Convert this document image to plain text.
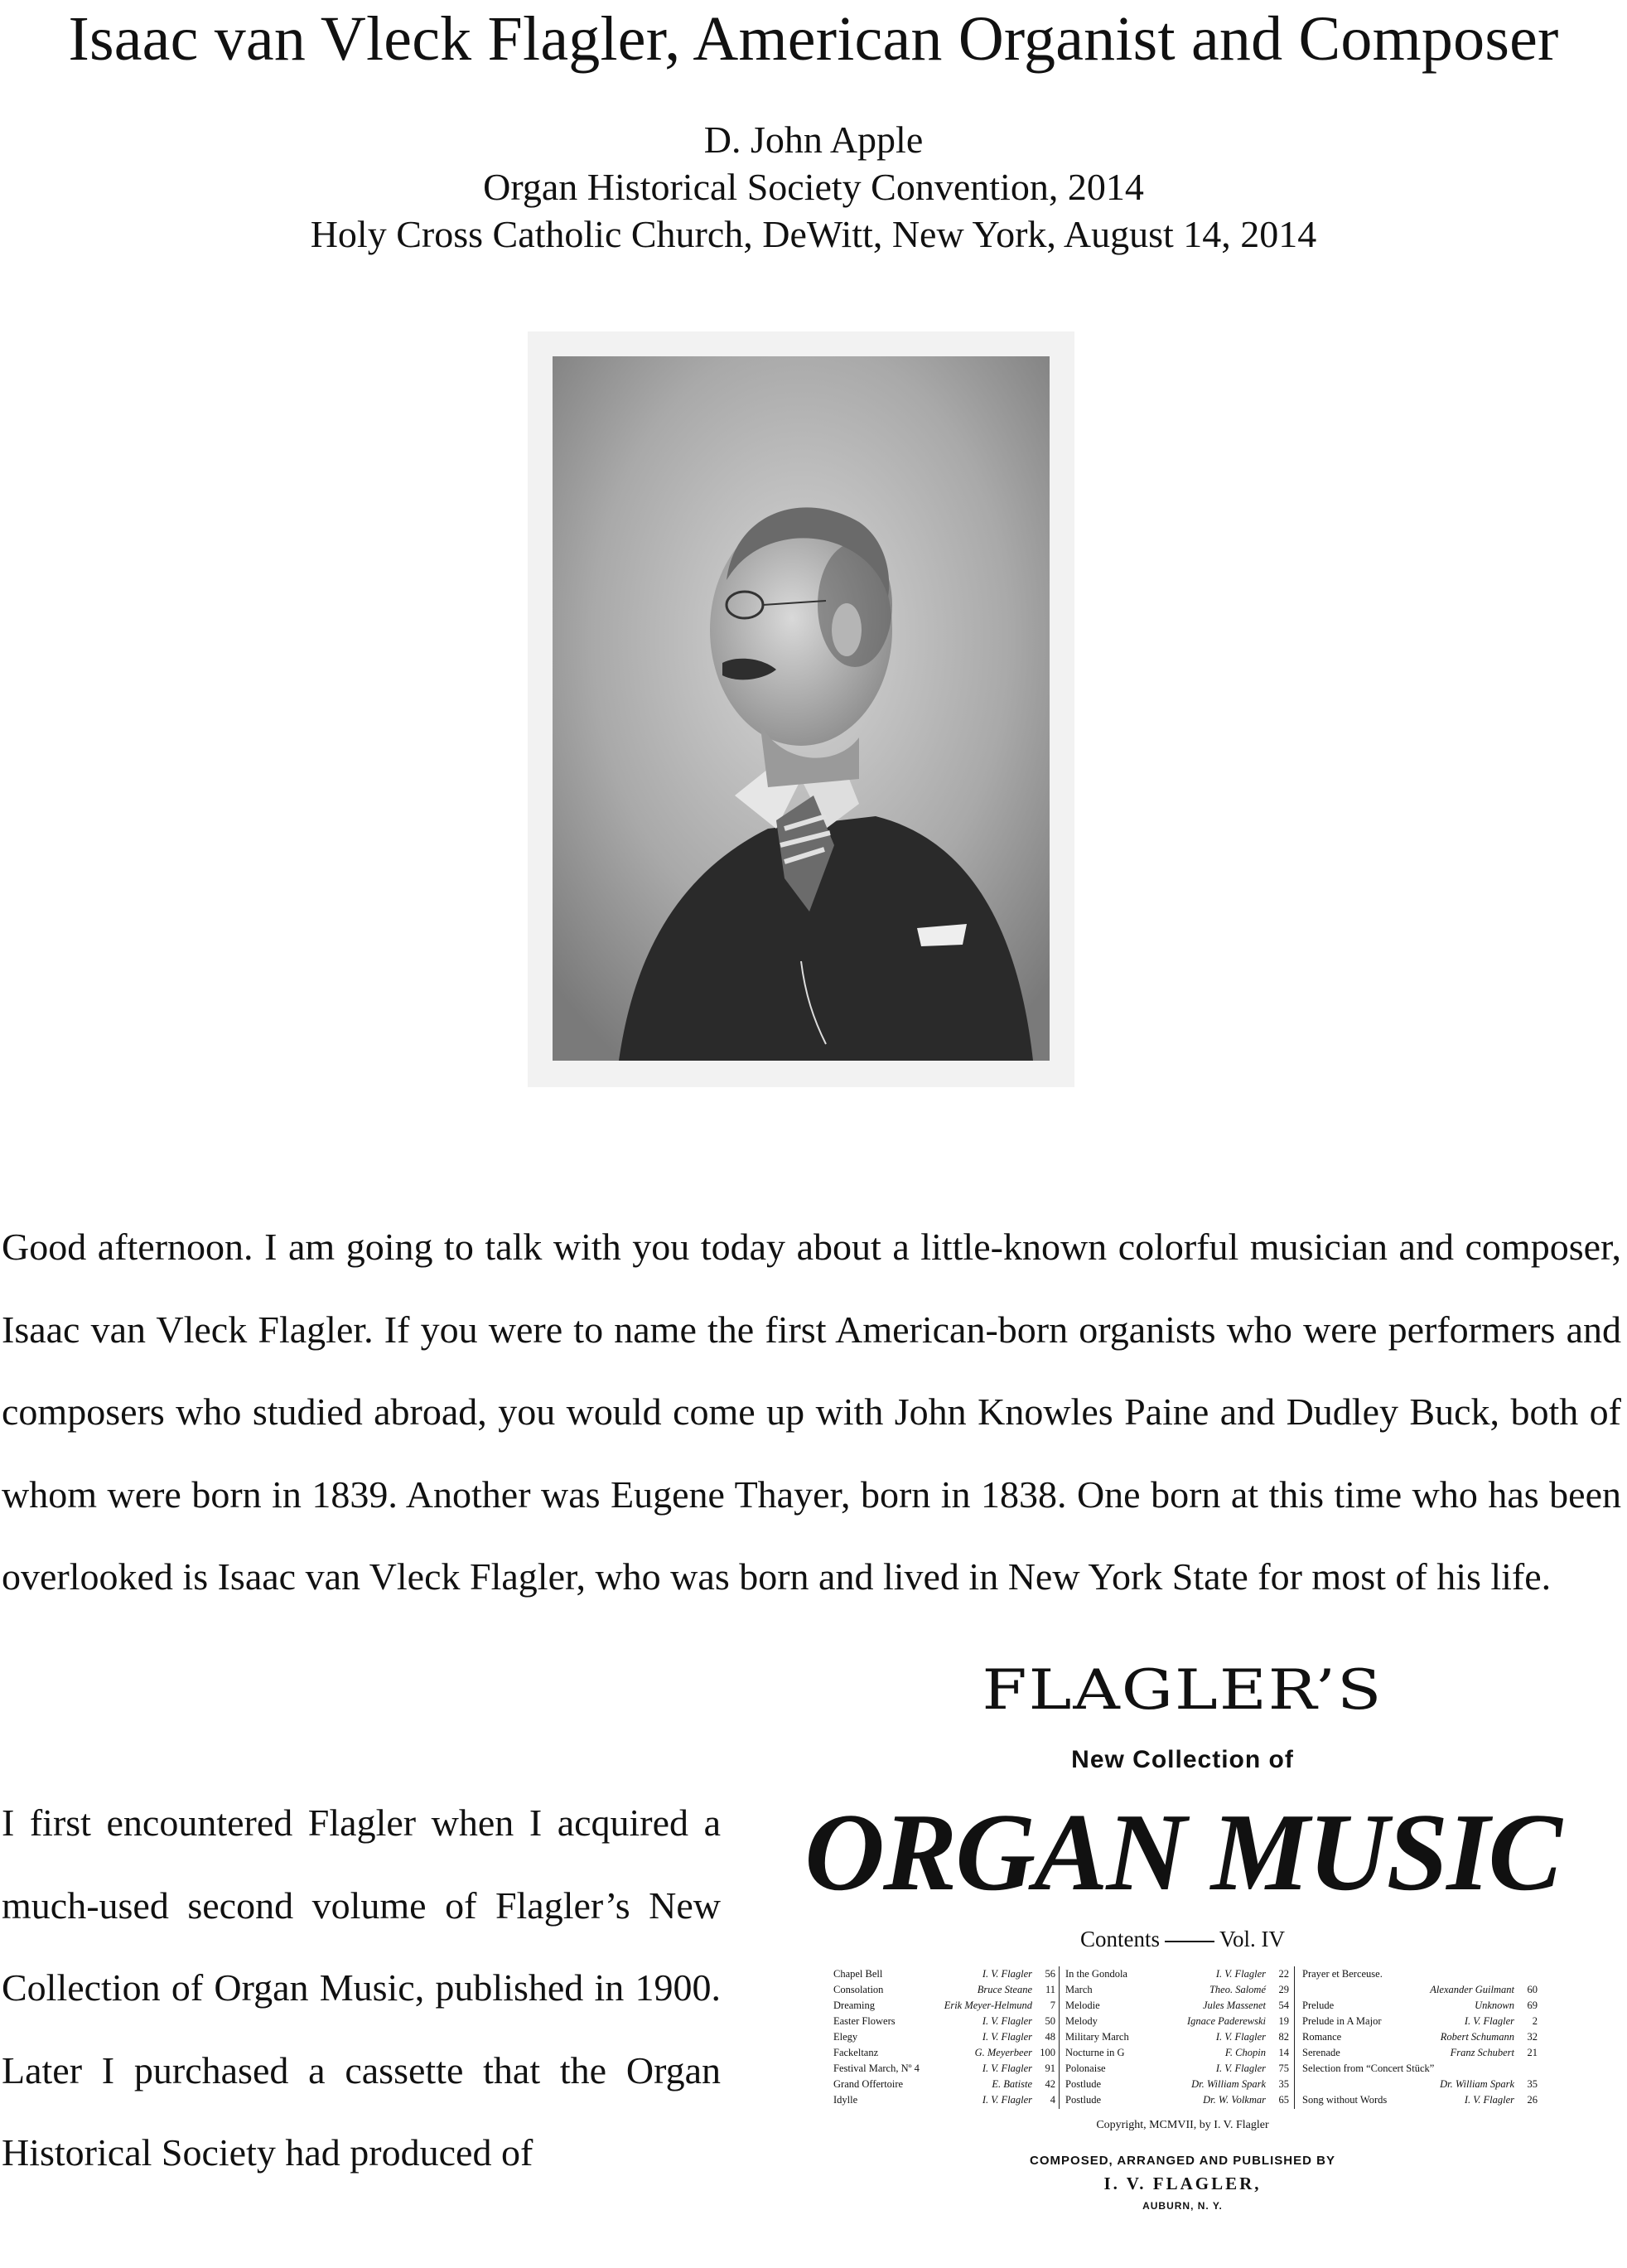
Isaac van Vleck Flagler, American Organist and Composer
D. John Apple
Organ Historical Society Convention, 2014
Holy Cross Catholic Church, DeWitt, New York, August 14, 2014

Good afternoon. I am going to talk with you today about a little-known colorful musician and composer, Isaac van Vleck Flagler. If you were to name the first American-born organists who were performers and composers who studied abroad, you would come up with John Knowles Paine and Dudley Buck, both of whom were born in 1839. Another was Eugene Thayer, born in 1838. One born at this time who has been overlooked is Isaac van Vleck Flagler, who was born and lived in New York State for most of his life.

I first encountered Flagler when I acquired a much-used second volume of Flagler’s New Collection of Organ Music, published in 1900. Later I purchased a cassette that the Organ Historical Society had produced of

FLAGLER’S
New Collection of
ORGAN MUSIC
Contents	Vol. IV
Chapel Bell	I. V. Flagler 56
Consolation	Bruce Steane 11
Dreaming	Erik Meyer-Helmund 7
Easter Flowers	I. V. Flagler 50
Elegy	I. V. Flagler 48
Fackeltanz	G. Meyerbeer 100
Festival March, Nº 4	I. V. Flagler 91
Grand Offertoire	E. Batiste 42
Idylle	I. V. Flagler 4
In the Gondola	I. V. Flagler 22
March	Theo. Salomé 29
Melodie	Jules Massenet 54
Melody	Ignace Paderewski 19
Military March	I. V. Flagler 82
Nocturne in G	F. Chopin 14
Polonaise	I. V. Flagler 75
Postlude	Dr. William Spark 35
Postlude	Dr. W. Volkmar 65
Prayer et Berceuse.
Alexander Guilmant 60
Prelude	Unknown 69
Prelude in A Major	I. V. Flagler 2
Romance	Robert Schumann 32
Serenade	Franz Schubert 21
Selection from “Concert Stück”
Dr. William Spark 35
Song without Words	I. V. Flagler 26
Copyright, MCMVII, by I. V. Flagler
COMPOSED, ARRANGED AND PUBLISHED BY
I. V. FLAGLER,
AUBURN, N. Y.
